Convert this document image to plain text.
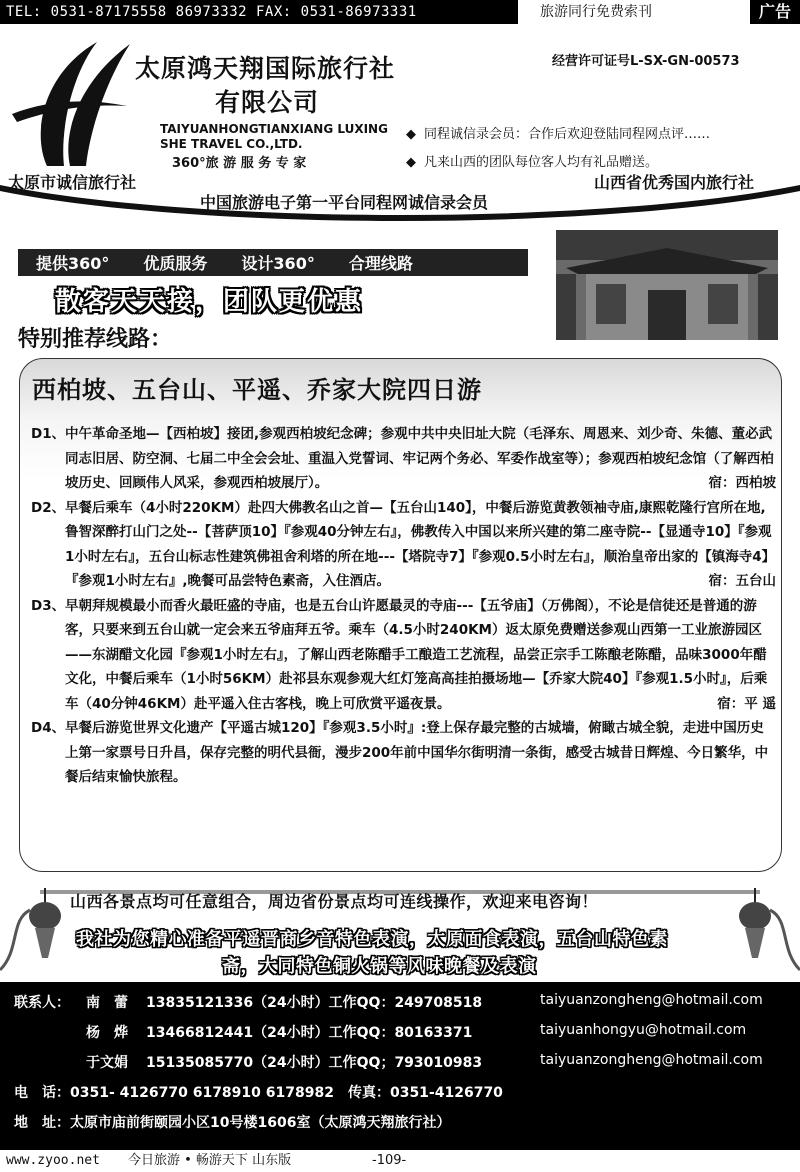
TEL: 0531-87175558 86973332 FAX: 0531-86973331	旅游同行免费索刊	广告
太原鸿天翔国际旅行社
有限公司
TAIYUANHONGTIANXIANG LUXING
SHE TRAVEL CO.,LTD.
360°旅 游 服 务 专 家
经营许可证号L-SX-GN-00573
◆ 同程诚信录会员：合作后欢迎登陆同程网点评……
◆ 凡来山西的团队每位客人均有礼品赠送。
太原市诚信旅行社
中国旅游电子第一平台同程网诚信录会员
山西省优秀国内旅行社
提供360° 优质服务 设计360° 合理线路
散客天天接，团队更优惠
特别推荐线路：
西柏坡、五台山、平遥、乔家大院四日游
D1、 中午革命圣地—【西柏坡】接团,参观西柏坡纪念碑；参观中共中央旧址大院（毛泽东、周恩来、刘少奇、朱德、董必武同志旧居、防空洞、七届二中全会会址、重温入党誓词、牢记两个务必、军委作战室等）；参观西柏坡纪念馆（了解西柏坡历史、回顾伟人风采，参观西柏坡展厅）。	宿：西柏坡
D2、 早餐后乘车（4小时220KM）赴四大佛教名山之首—【五台山140】，中餐后游览黄教领袖寺庙,康熙乾隆行宫所在地,鲁智深醉打山门之处--【菩萨顶10】『参观40分钟左右』，佛教传入中国以来所兴建的第二座寺院--【显通寺10】『参观1小时左右』，五台山标志性建筑佛祖舍利塔的所在地---【塔院寺7】『参观0.5小时左右』，顺治皇帝出家的【镇海寺4】『参观1小时左右』,晚餐可品尝特色素斋，入住酒店。	宿：五台山
D3、 早朝拜规模最小而香火最旺盛的寺庙，也是五台山许愿最灵的寺庙---【五爷庙】（万佛阁），不论是信徒还是普通的游客，只要来到五台山就一定会来五爷庙拜五爷。乘车（4.5小时240KM）返太原免费赠送参观山西第一工业旅游园区——东湖醋文化园『参观1小时左右』，了解山西老陈醋手工酿造工艺流程，品尝正宗手工陈酿老陈醋，品味3000年醋文化，中餐后乘车（1小时56KM）赴祁县东观参观大红灯笼高高挂拍摄场地—【乔家大院40】『参观1.5小时』，后乘车（40分钟46KM）赴平遥入住古客栈，晚上可欣赏平遥夜景。	宿：平 遥
D4、 早餐后游览世界文化遗产【平遥古城120】『参观3.5小时』:登上保存最完整的古城墙，俯瞰古城全貌，走进中国历史上第一家票号日升昌，保存完整的明代县衙，漫步200年前中国华尔街明清一条街，感受古城昔日辉煌、今日繁华，中餐后结束愉快旅程。
山西各景点均可任意组合，周边省份景点均可连线操作，欢迎来电咨询！
我社为您精心准备平遥晋商乡音特色表演，太原面食表演，五台山特色素
斋，大同特色铜火锅等风味晚餐及表演
联系人： 南　蕾 13835121336（24小时）工作QQ：249708518	taiyuanzongheng@hotmail.com
杨　烨 13466812441（24小时）工作QQ：80163371	taiyuanhongyu@hotmail.com
于文娟 15135085770（24小时）工作QQ；793010983	taiyuanzongheng@hotmail.com
电　话：0351- 4126770 6178910 6178982　传真：0351-4126770
地　址：太原市庙前街颐园小区10号楼1606室（太原鸿天翔旅行社）
www.zyoo.net 今日旅游 • 畅游天下 山东版	-109-
